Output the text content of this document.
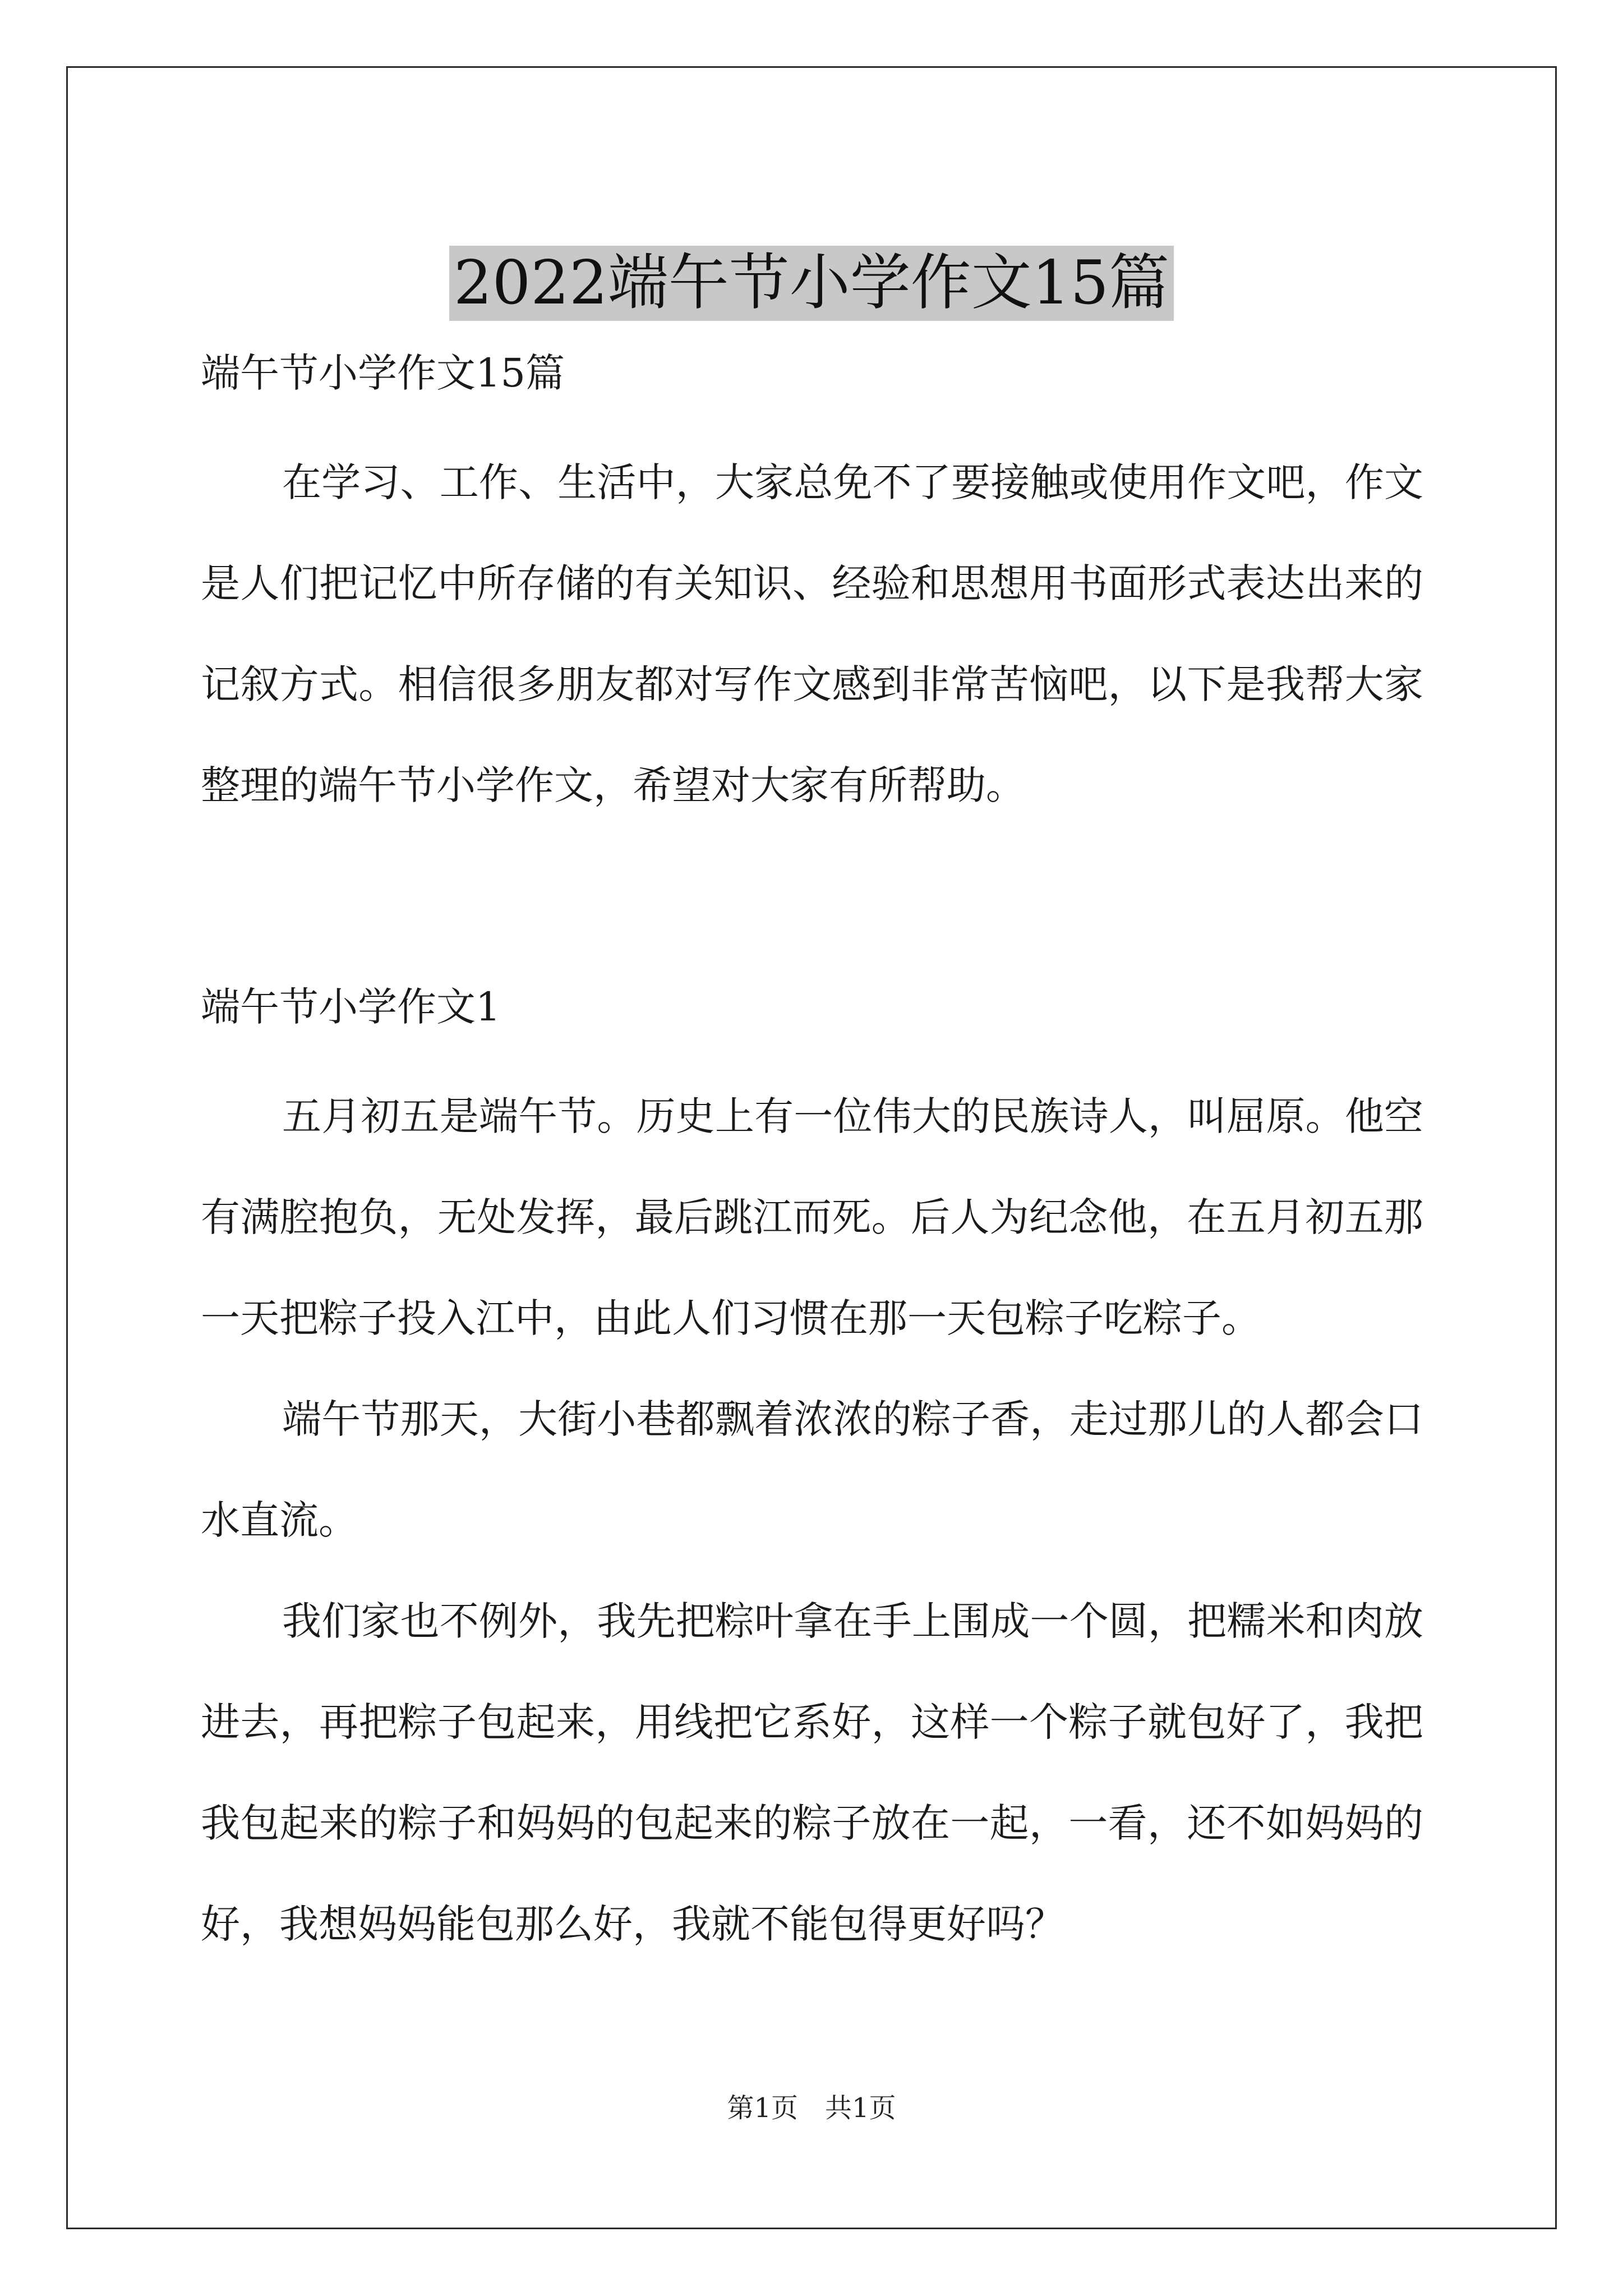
2022端午节小学作文15篇

端午节小学作文15篇

在学习、工作、生活中，大家总免不了要接触或使用作文吧，作文是人们把记忆中所存储的有关知识、经验和思想用书面形式表达出来的记叙方式。相信很多朋友都对写作文感到非常苦恼吧，以下是我帮大家整理的端午节小学作文，希望对大家有所帮助。

端午节小学作文1

五月初五是端午节。历史上有一位伟大的民族诗人，叫屈原。他空有满腔抱负，无处发挥，最后跳江而死。后人为纪念他，在五月初五那一天把粽子投入江中，由此人们习惯在那一天包粽子吃粽子。

端午节那天，大街小巷都飘着浓浓的粽子香，走过那儿的人都会口水直流。

我们家也不例外，我先把粽叶拿在手上围成一个圆，把糯米和肉放进去，再把粽子包起来，用线把它系好，这样一个粽子就包好了，我把我包起来的粽子和妈妈的包起来的粽子放在一起，一看，还不如妈妈的好，我想妈妈能包那么好，我就不能包得更好吗？

第1页　共1页
